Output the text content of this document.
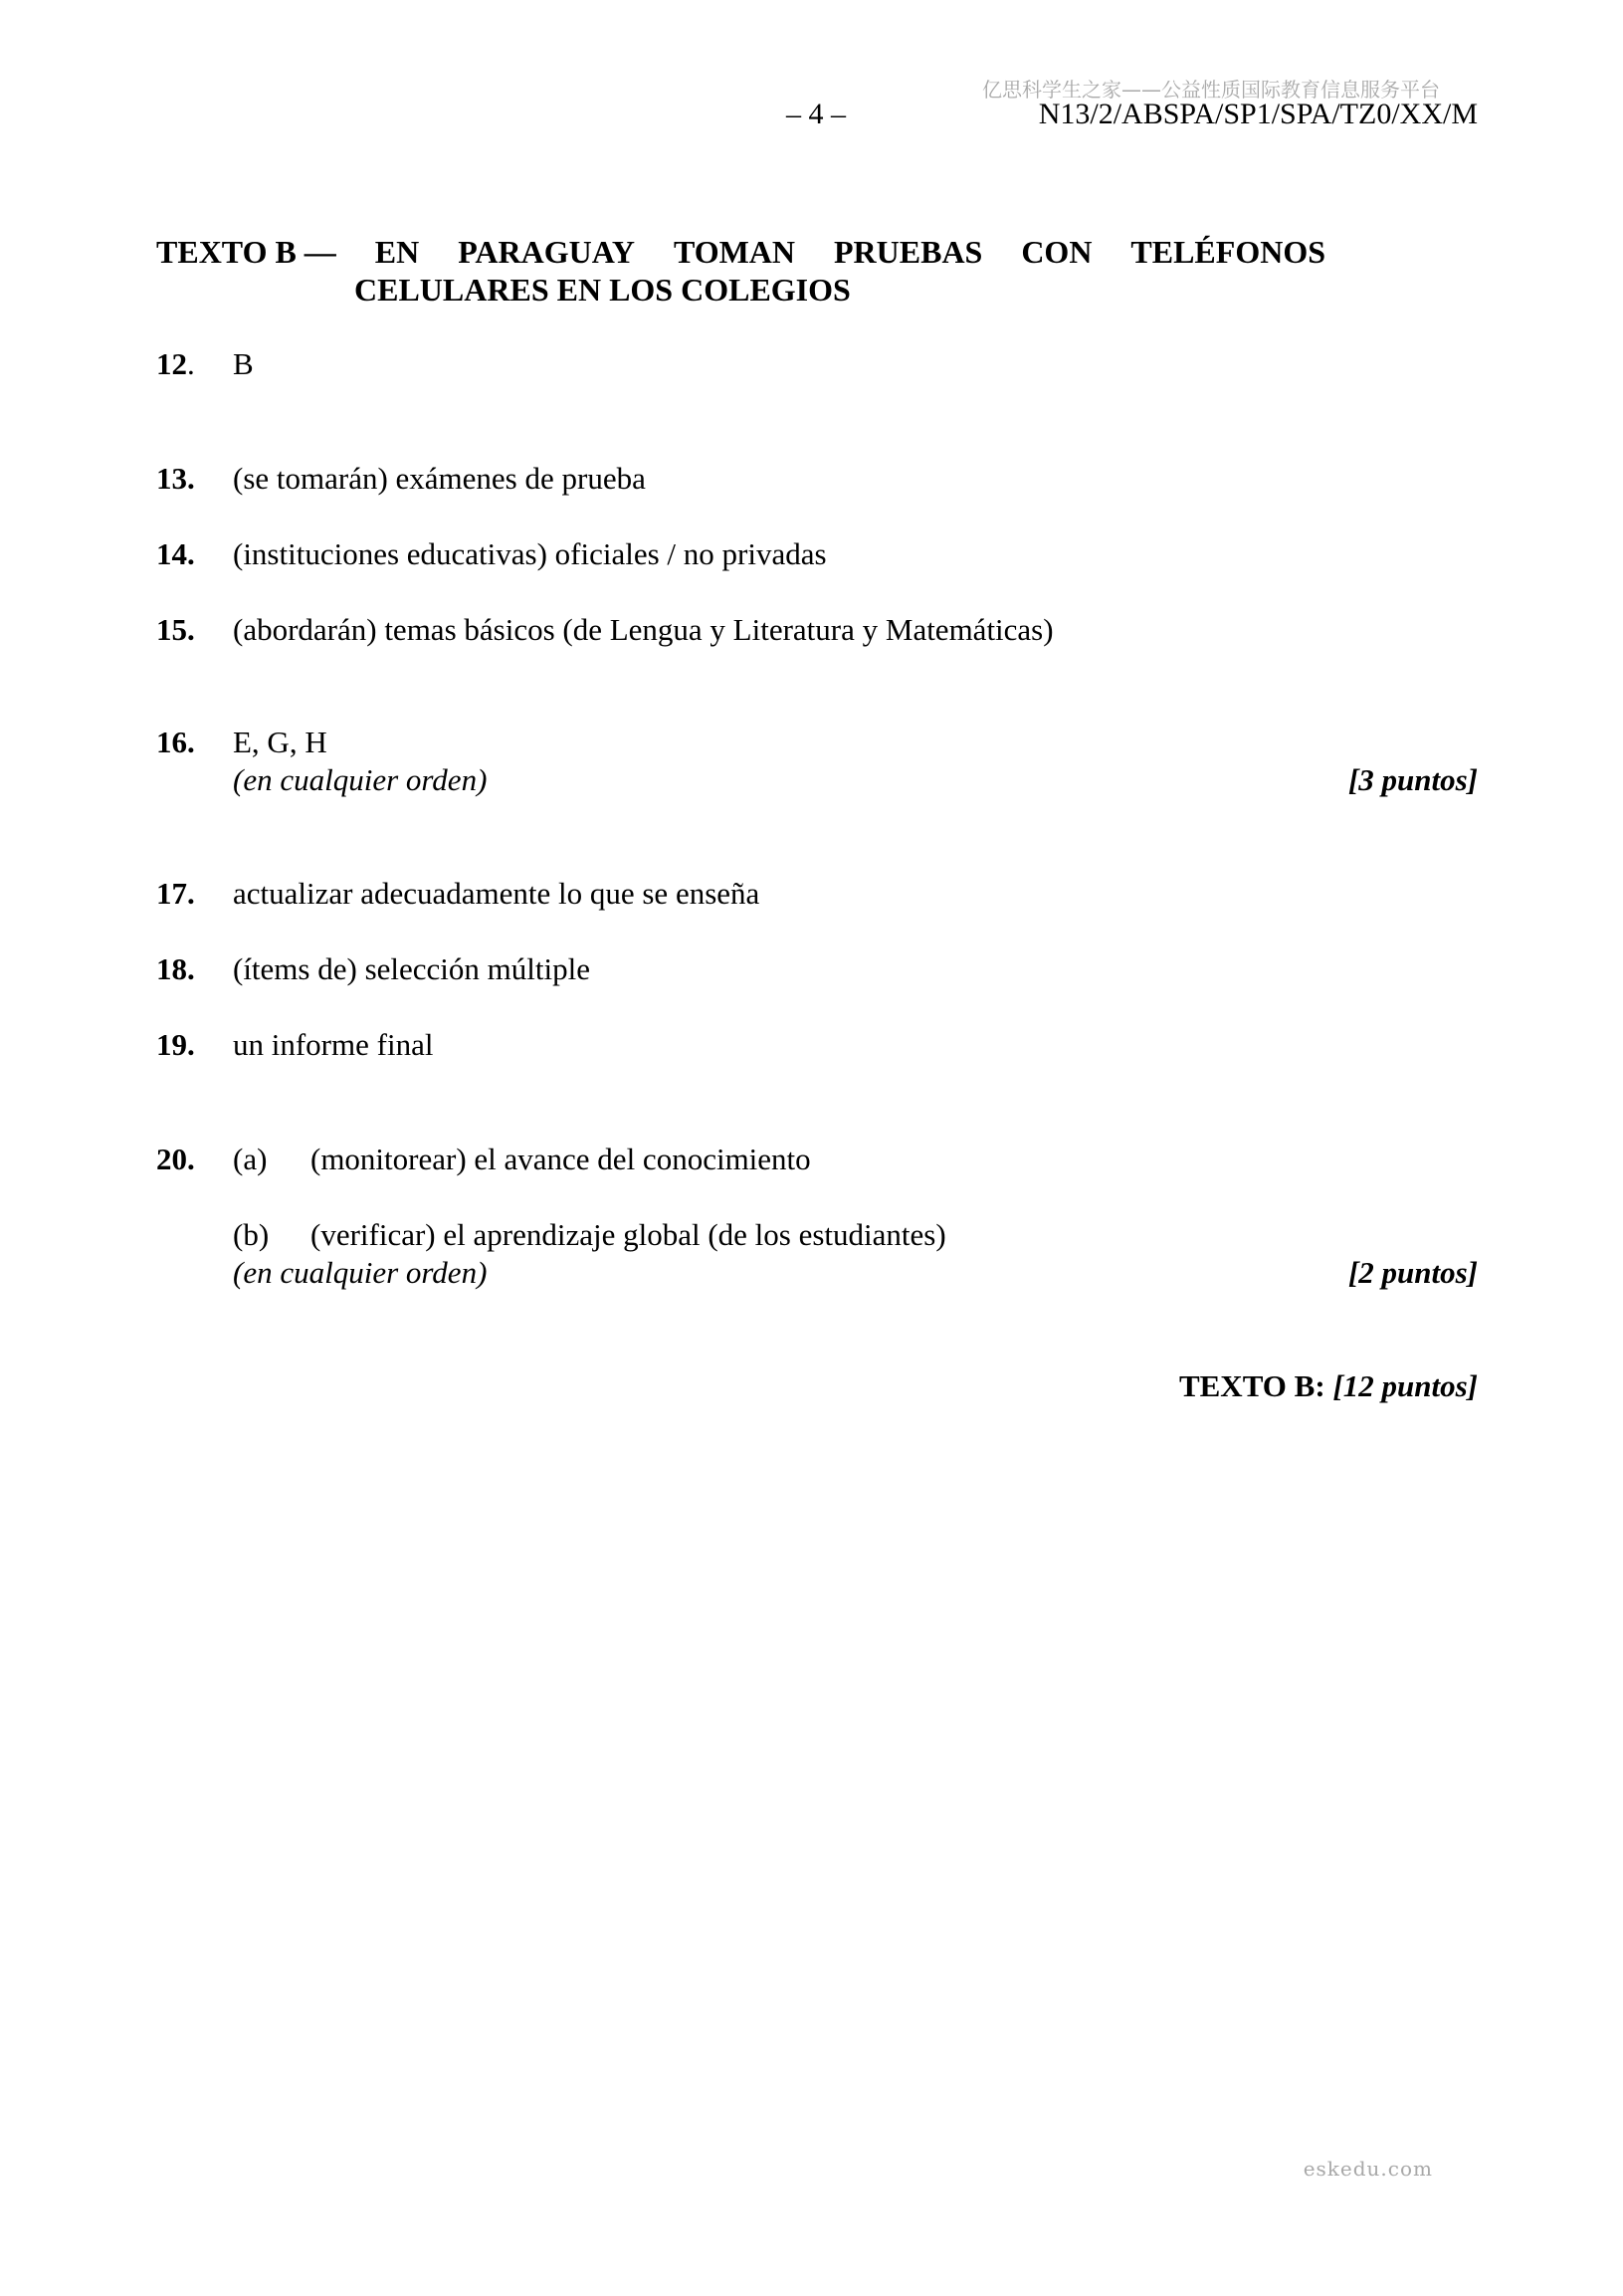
亿思科学生之家——公益性质国际教育信息服务平台
– 4 –	N13/2/ABSPA/SP1/SPA/TZ0/XX/M
TEXTO B — EN PARAGUAY TOMAN PRUEBAS CON TELÉFONOS
CELULARES EN LOS COLEGIOS
12. B
13. (se tomarán) exámenes de prueba
14. (instituciones educativas) oficiales / no privadas
15. (abordarán) temas básicos (de Lengua y Literatura y Matemáticas)
16. E, G, H
(en cualquier orden)	[3 puntos]
17. actualizar adecuadamente lo que se enseña
18. (ítems de) selección múltiple
19. un informe final
20. (a) (monitorear) el avance del conocimiento
(b) (verificar) el aprendizaje global (de los estudiantes)
(en cualquier orden)	[2 puntos]
TEXTO B: [12 puntos]
eskedu.com
